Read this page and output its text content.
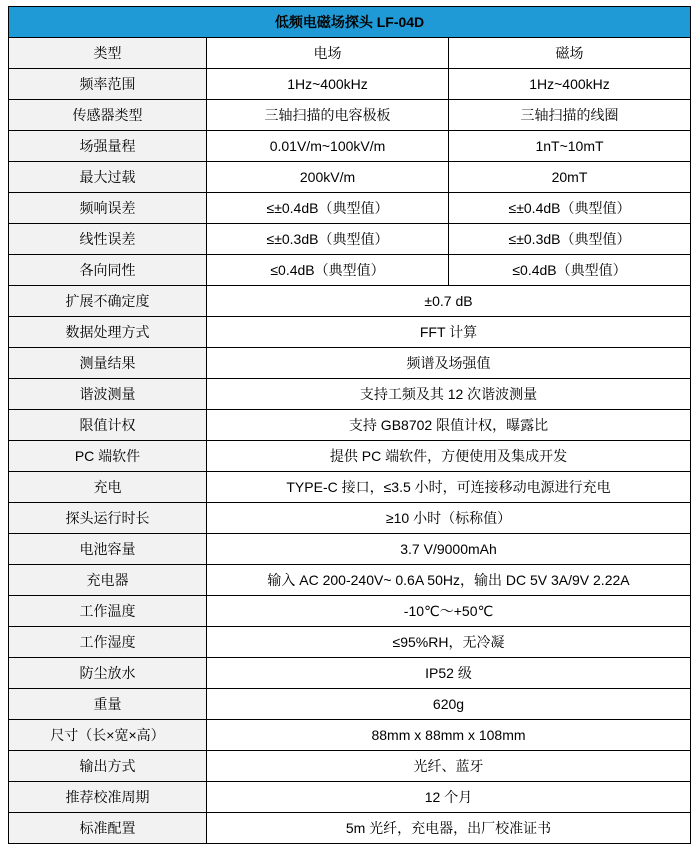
低频电磁场探头 LF-04D		
类型	电场	磁场
频率范围	1Hz~400kHz	1Hz~400kHz
传感器类型	三轴扫描的电容极板	三轴扫描的线圈
场强量程	0.01V/m~100kV/m	1nT~10mT
最大过载	200kV/m	20mT
频响误差	≤±0.4dB（典型值）	≤±0.4dB（典型值）
线性误差	≤±0.3dB（典型值）	≤±0.3dB（典型值）
各向同性	≤0.4dB（典型值）	≤0.4dB（典型值）
扩展不确定度	±0.7 dB	
数据处理方式	FFT 计算	
测量结果	频谱及场强值	
谐波测量	支持工频及其 12 次谐波测量	
限值计权	支持 GB8702 限值计权，曝露比	
PC 端软件	提供 PC 端软件，方便使用及集成开发	
充电	TYPE-C 接口，≤3.5 小时，可连接移动电源进行充电	
探头运行时长	≥10 小时（标称值）	
电池容量	3.7 V/9000mAh	
充电器	输入 AC 200-240V~ 0.6A 50Hz，输出 DC 5V 3A/9V 2.22A	
工作温度	-10℃～+50℃	
工作湿度	≤95%RH，无冷凝	
防尘放水	IP52 级	
重量	620g	
尺寸（长×宽×高）	88mm x 88mm x 108mm	
输出方式	光纤、蓝牙	
推荐校准周期	12 个月	
标准配置	5m 光纤，充电器，出厂校准证书	
